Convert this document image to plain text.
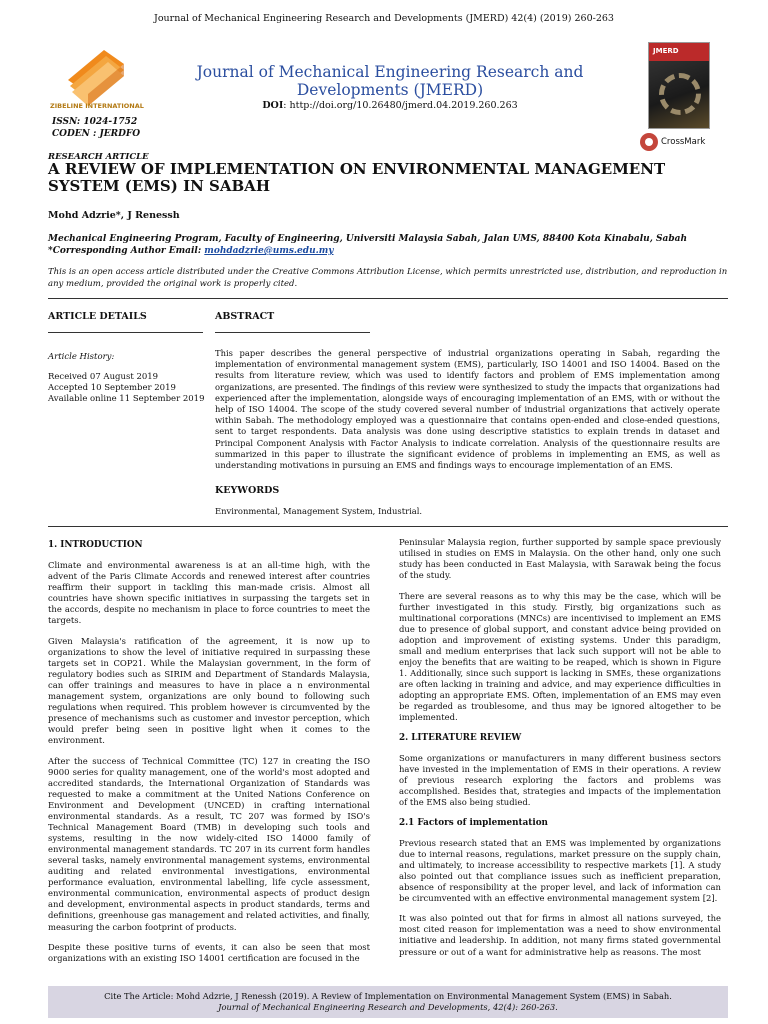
Journal of Mechanical Engineering Research and Developments (JMERD) 42(4) (2019) 260-263
ZIBELINE INTERNATIONAL
Journal of Mechanical Engineering Research and Developments (JMERD)
DOI: http://doi.org/10.26480/jmerd.04.2019.260.263
ISSN: 1024-1752
CODEN : JERDFO
JMERD
CrossMark
RESEARCH ARTICLE
A REVIEW OF IMPLEMENTATION ON ENVIRONMENTAL MANAGEMENT SYSTEM (EMS) IN SABAH
Mohd Adzrie*, J Renessh
Mechanical Engineering Program, Faculty of Engineering, Universiti Malaysia Sabah, Jalan UMS, 88400 Kota Kinabalu, Sabah
*Corresponding Author Email: mohdadzrie@ums.edu.my
This is an open access article distributed under the Creative Commons Attribution License, which permits unrestricted use, distribution, and reproduction in any medium, provided the original work is properly cited.
ARTICLE DETAILS	ABSTRACT
Article History:
Received 07 August 2019
Accepted 10 September 2019
Available online 11 September 2019
This paper describes the general perspective of industrial organizations operating in Sabah, regarding the implementation of environmental management system (EMS), particularly, ISO 14001 and ISO 14004. Based on the results from literature review, which was used to identify factors and problem of EMS implementation among organizations, are presented. The findings of this review were synthesized to study the impacts that organizations had experienced after the implementation, alongside ways of encouraging implementation of an EMS, with or without the help of ISO 14004. The scope of the study covered several number of industrial organizations that actively operate within Sabah. The methodology employed was a questionnaire that contains open-ended and close-ended questions, sent to target respondents. Data analysis was done using descriptive statistics to explain trends in dataset and Principal Component Analysis with Factor Analysis to indicate correlation. Analysis of the questionnaire results are summarized in this paper to illustrate the significant evidence of problems in implementing an EMS, as well as understanding motivations in pursuing an EMS and findings ways to encourage implementation of an EMS.
KEYWORDS
Environmental, Management System, Industrial.
1. INTRODUCTION

Climate and environmental awareness is at an all-time high, with the advent of the Paris Climate Accords and renewed interest after countries reaffirm their support in tackling this man-made crisis. Almost all countries have shown specific initiatives in surpassing the targets set in the accords, despite no mechanism in place to force countries to meet the targets.

Given Malaysia's ratification of the agreement, it is now up to organizations to show the level of initiative required in surpassing these targets set in COP21. While the Malaysian government, in the form of regulatory bodies such as SIRIM and Department of Standards Malaysia, can offer trainings and measures to have in place a n environmental management system, organizations are only bound to following such regulations when required. This problem however is circumvented by the presence of mechanisms such as customer and investor perception, which would prefer being seen in positive light when it comes to the environment.

After the success of Technical Committee (TC) 127 in creating the ISO 9000 series for quality management, one of the world's most adopted and accredited standards, the International Organization of Standards was requested to make a commitment at the United Nations Conference on Environment and Development (UNCED) in crafting international environmental standards. As a result, TC 207 was formed by ISO's Technical Management Board (TMB) in developing such tools and systems, resulting in the now widely-cited ISO 14000 family of environmental management standards. TC 207 in its current form handles several tasks, namely environmental management systems, environmental auditing and related environmental investigations, environmental performance evaluation, environmental labelling, life cycle assessment, environmental communication, environmental aspects of product design and development, environmental aspects in product standards, terms and definitions, greenhouse gas management and related activities, and finally, measuring the carbon footprint of products.

Despite these positive turns of events, it can also be seen that most organizations with an existing ISO 14001 certification are focused in the

Peninsular Malaysia region, further supported by sample space previously utilised in studies on EMS in Malaysia. On the other hand, only one such study has been conducted in East Malaysia, with Sarawak being the focus of the study.

There are several reasons as to why this may be the case, which will be further investigated in this study. Firstly, big organizations such as multinational corporations (MNCs) are incentivised to implement an EMS due to presence of global support, and constant advice being provided on adoption and improvement of existing systems. Under this paradigm, small and medium enterprises that lack such support will not be able to enjoy the benefits that are waiting to be reaped, which is shown in Figure 1. Additionally, since such support is lacking in SMEs, these organizations are often lacking in training and advice, and may experience difficulties in adopting an appropriate EMS. Often, implementation of an EMS may even be regarded as troublesome, and thus may be ignored altogether to be implemented.

2. LITERATURE REVIEW

Some organizations or manufacturers in many different business sectors have invested in the implementation of EMS in their operations. A review of previous research exploring the factors and problems was accomplished. Besides that, strategies and impacts of the implementation of the EMS also being studied.

2.1 Factors of implementation

Previous research stated that an EMS was implemented by organizations due to internal reasons, regulations, market pressure on the supply chain, and ultimately, to increase accessibility to respective markets [1]. A study also pointed out that compliance issues such as inefficient preparation, absence of responsibility at the proper level, and lack of information can be circumvented with an effective environmental management system [2].

It was also pointed out that for firms in almost all nations surveyed, the most cited reason for implementation was a need to show environmental initiative and leadership. In addition, not many firms stated governmental pressure or out of a want for administrative help as reasons. The most

Cite The Article: Mohd Adzrie, J Renessh (2019). A Review of Implementation on Environmental Management System (EMS) in Sabah.
Journal of Mechanical Engineering Research and Developments, 42(4): 260-263.
